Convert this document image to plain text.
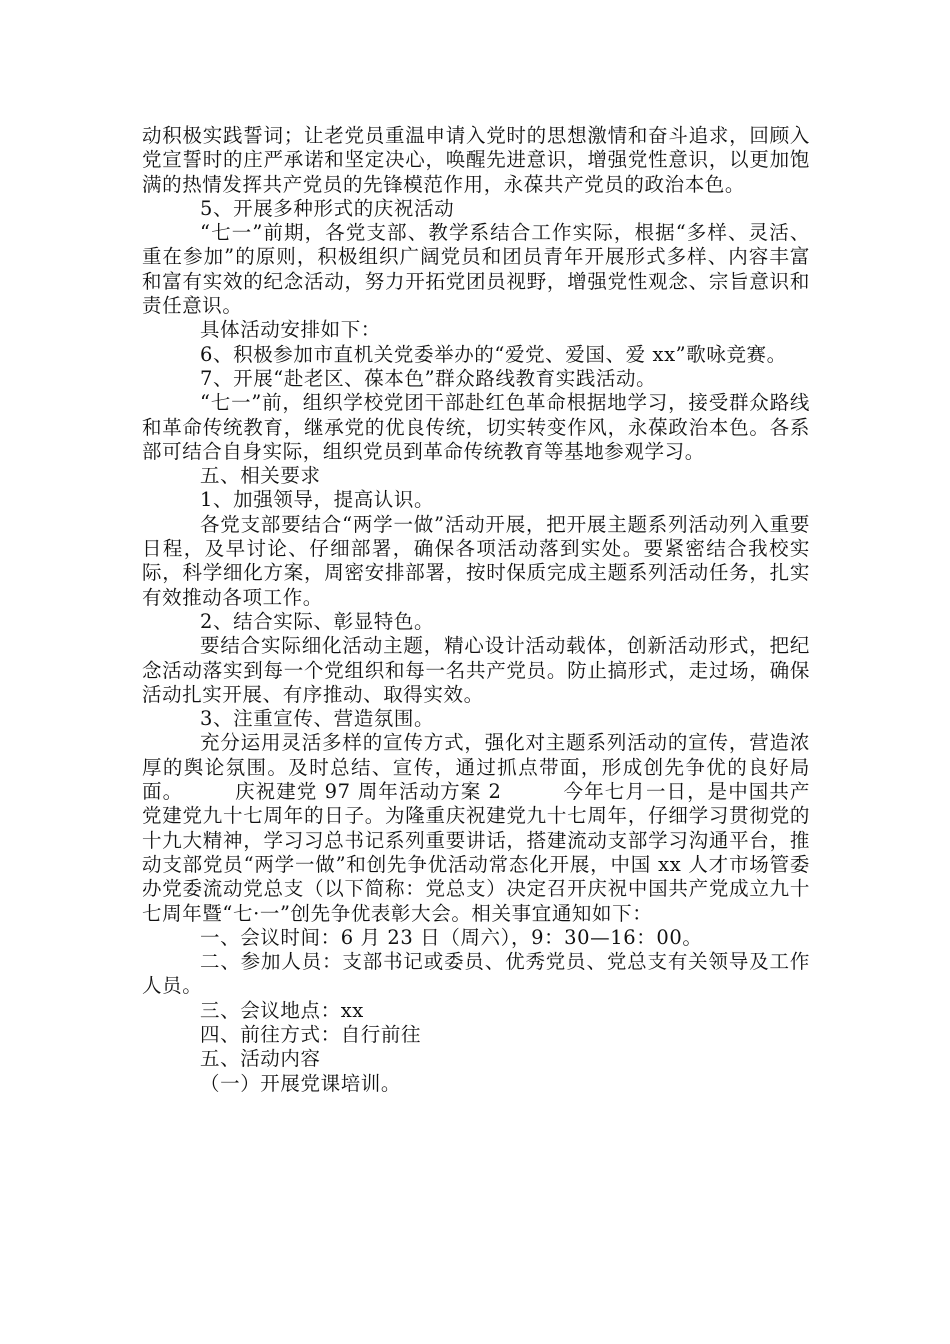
动积极实践誓词；让老党员重温申请入党时的思想激情和奋斗追求，回顾入党宣誓时的庄严承诺和坚定决心，唤醒先进意识，增强党性意识，以更加饱满的热情发挥共产党员的先锋模范作用，永葆共产党员的政治本色。

5、开展多种形式的庆祝活动

“七一”前期，各党支部、教学系结合工作实际，根据“多样、灵活、重在参加”的原则，积极组织广阔党员和团员青年开展形式多样、内容丰富和富有实效的纪念活动，努力开拓党团员视野，增强党性观念、宗旨意识和责任意识。

具体活动安排如下：

6、积极参加市直机关党委举办的“爱党、爱国、爱 xx”歌咏竞赛。

7、开展“赴老区、葆本色”群众路线教育实践活动。

“七一”前，组织学校党团干部赴红色革命根据地学习，接受群众路线和革命传统教育，继承党的优良传统，切实转变作风，永葆政治本色。各系部可结合自身实际，组织党员到革命传统教育等基地参观学习。

五、相关要求

1、加强领导，提高认识。

各党支部要结合“两学一做”活动开展，把开展主题系列活动列入重要日程，及早讨论、仔细部署，确保各项活动落到实处。要紧密结合我校实际，科学细化方案，周密安排部署，按时保质完成主题系列活动任务，扎实有效推动各项工作。

2、结合实际、彰显特色。

要结合实际细化活动主题，精心设计活动载体，创新活动形式，把纪念活动落实到每一个党组织和每一名共产党员。防止搞形式，走过场，确保活动扎实开展、有序推动、取得实效。

3、注重宣传、营造氛围。

充分运用灵活多样的宣传方式，强化对主题系列活动的宣传，营造浓厚的舆论氛围。及时总结、宣传，通过抓点带面，形成创先争优的良好局面。　　　庆祝建党 97 周年活动方案 2　　　今年七月一日，是中国共产党建党九十七周年的日子。为隆重庆祝建党九十七周年，仔细学习贯彻党的十九大精神，学习习总书记系列重要讲话，搭建流动支部学习沟通平台，推动支部党员“两学一做”和创先争优活动常态化开展，中国 xx 人才市场管委办党委流动党总支（以下简称：党总支）决定召开庆祝中国共产党成立九十七周年暨“七·一”创先争优表彰大会。相关事宜通知如下：

一、会议时间：6 月 23 日（周六），9：30—16：00。

二、参加人员：支部书记或委员、优秀党员、党总支有关领导及工作人员。

三、会议地点：xx

四、前往方式：自行前往

五、活动内容

（一）开展党课培训。
